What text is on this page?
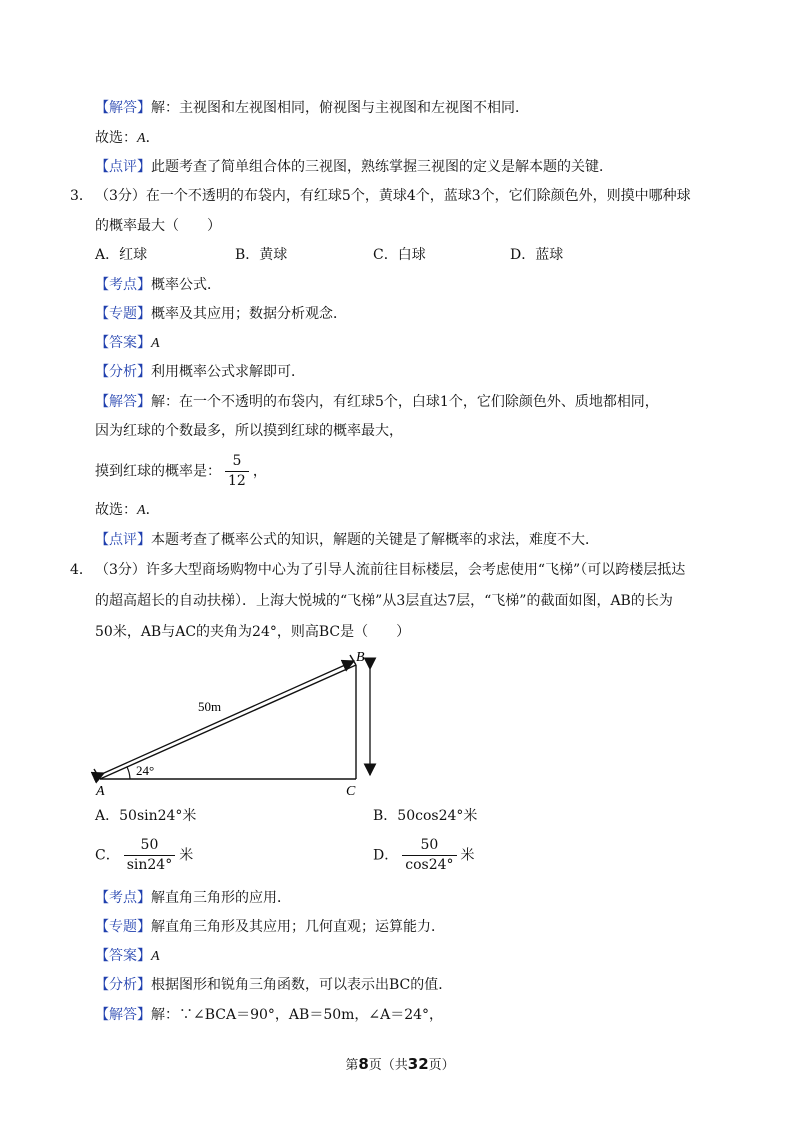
【解答】解：主视图和左视图相同，俯视图与主视图和左视图不相同．
故选：A．
【点评】此题考查了简单组合体的三视图，熟练掌握三视图的定义是解本题的关键．
3． （3分）在一个不透明的布袋内，有红球5个，黄球4个，蓝球3个，它们除颜色外，则摸中哪种球
的概率最大（　　）
A．红球	B．黄球	C．白球	D．蓝球
【考点】概率公式．
【专题】概率及其应用；数据分析观念．
【答案】A
【分析】利用概率公式求解即可．
【解答】解：在一个不透明的布袋内，有红球5个，白球1个，它们除颜色外、质地都相同，
因为红球的个数最多，所以摸到红球的概率最大，
摸到红球的概率是： $\frac{5}{12}$ ，
故选：A．
【点评】本题考查了概率公式的知识，解题的关键是了解概率的求法，难度不大．
4． （3分）许多大型商场购物中心为了引导人流前往目标楼层，会考虑使用“飞梯”（可以跨楼层抵达
的超高超长的自动扶梯）．上海大悦城的“飞梯”从3层直达7层，“飞梯”的截面如图，AB的长为
50米，AB与AC的夹角为24°，则高BC是（　　）
24°
50m
A	C
B
A．50sin24°米	B．50cos24°米
C． $\frac{50}{\sin 24^\circ}$ 米	D． $\frac{50}{\cos 24^\circ}$ 米
【考点】解直角三角形的应用．
【专题】解直角三角形及其应用；几何直观；运算能力．
【答案】A
【分析】根据图形和锐角三角函数，可以表示出BC的值．
【解答】解：∵∠BCA＝90°，AB＝50m，∠A＝24°，
第8页（共32页）
